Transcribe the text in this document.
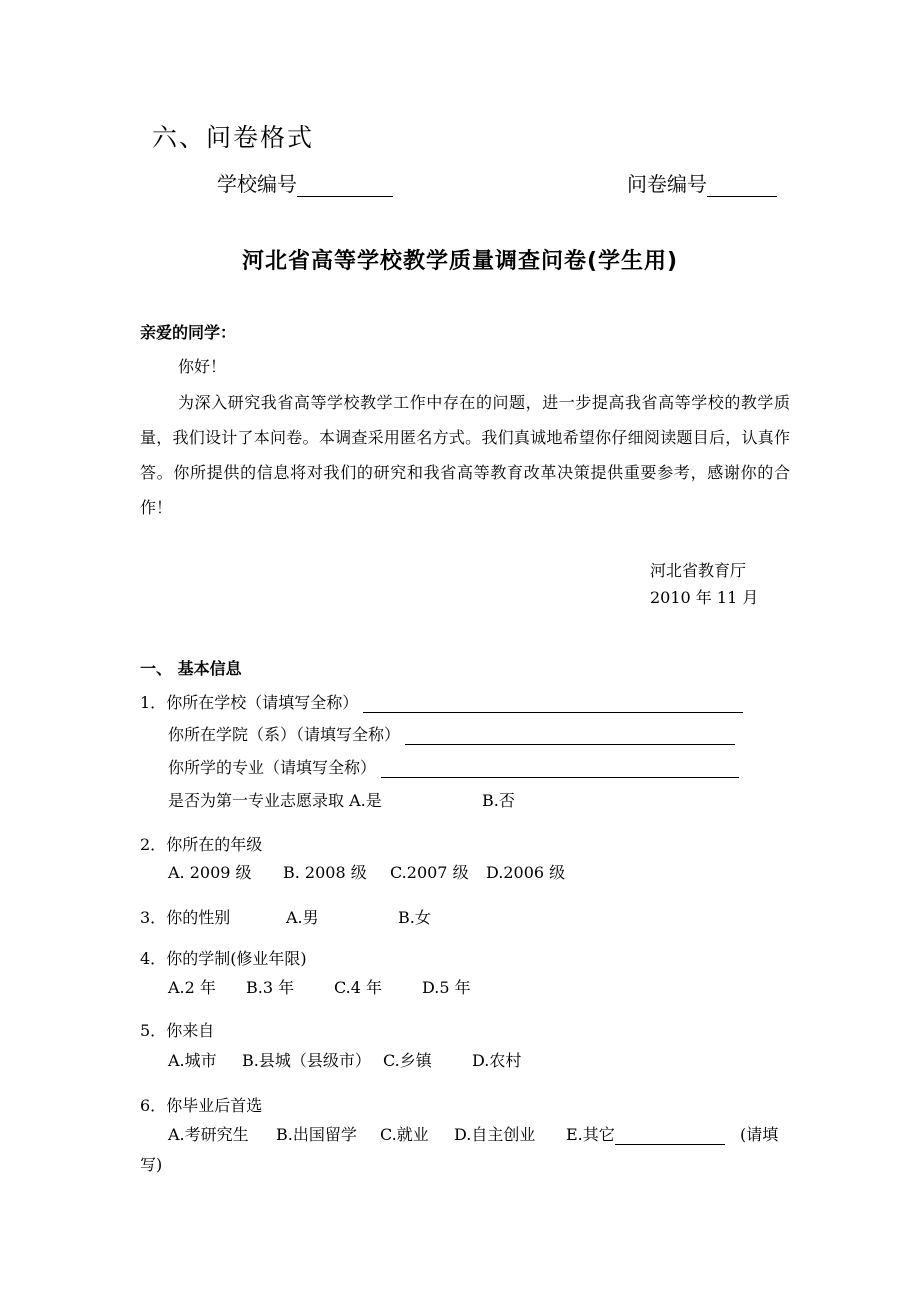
六、问卷格式
学校编号	问卷编号
河北省高等学校教学质量调查问卷(学生用)
亲爱的同学：
你好！
为深入研究我省高等学校教学工作中存在的问题，进一步提高我省高等学校的教学质量，我们设计了本问卷。本调查采用匿名方式。我们真诚地希望你仔细阅读题目后，认真作答。你所提供的信息将对我们的研究和我省高等教育改革决策提供重要参考，感谢你的合作！
河北省教育厅
2010 年 11 月
一、 基本信息
1．你所在学校（请填写全称）
你所在学院（系）（请填写全称）
你所学的专业（请填写全称）
是否为第一专业志愿录取 A.是	B.否
2．你所在的年级
A. 2009 级 B. 2008 级 C.2007 级 D.2006 级
3．你的性别	A.男	B.女
4．你的学制(修业年限)
A.2 年 B.3 年 C.4 年 D.5 年
5．你来自
A.城市 B.县城（县级市） C.乡镇	D.农村
6．你毕业后首选
A.考研究生 B.出国留学 C.就业 D.自主创业 E.其它	(请填
写)
